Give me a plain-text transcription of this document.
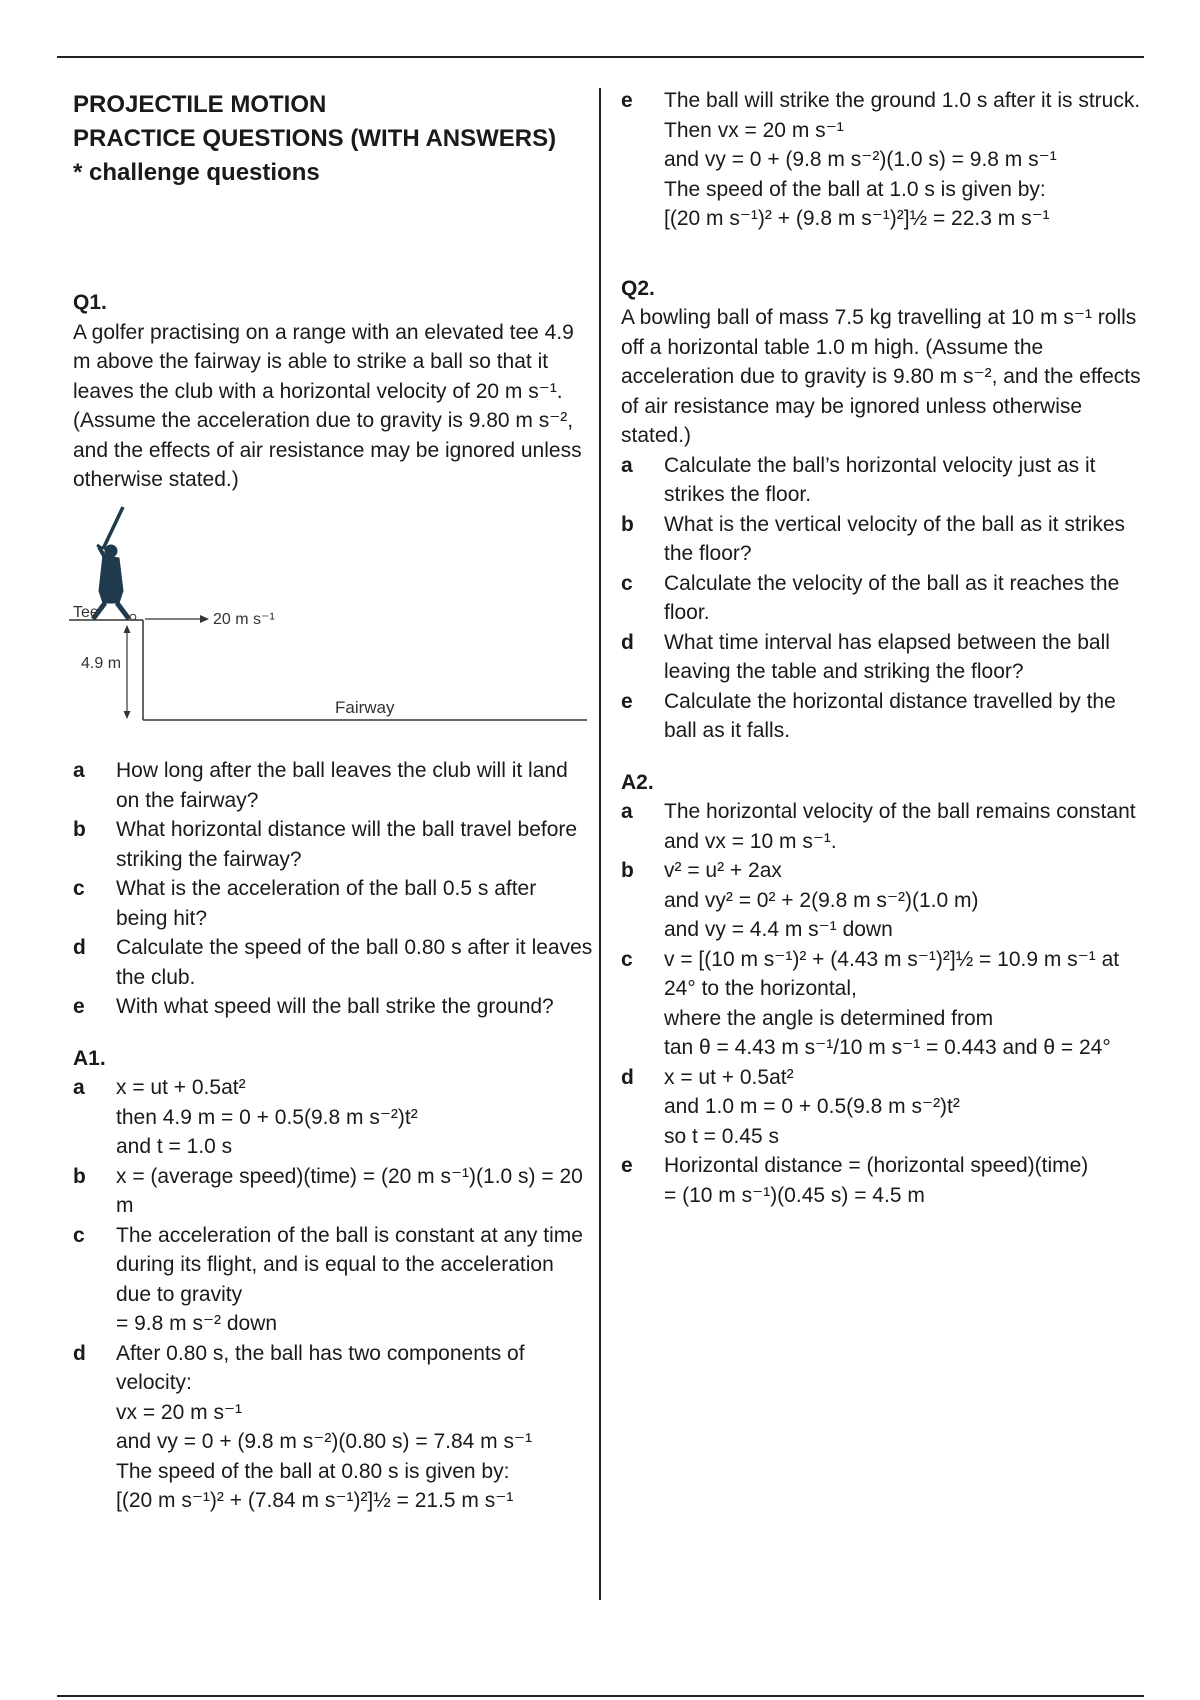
PROJECTILE MOTION
PRACTICE QUESTIONS (WITH ANSWERS)
* challenge questions

Q1.

A golfer practising on a range with an elevated tee 4.9 m above the fairway is able to strike a ball so that it leaves the club with a horizontal velocity of 20 m s⁻¹. (Assume the acceleration due to gravity is 9.80 m s⁻², and the effects of air resistance may be ignored unless otherwise stated.)

Tee	20 m s⁻¹
4.9 m
Fairway
a How long after the ball leaves the club will it land on the fairway?
b What horizontal distance will the ball travel before striking the fairway?
c What is the acceleration of the ball 0.5 s after being hit?
d Calculate the speed of the ball 0.80 s after it leaves the club.
e With what speed will the ball strike the ground?

A1.

a x = ut + 0.5at²

then 4.9 m = 0 + 0.5(9.8 m s⁻²)t²

and t = 1.0 s

b x = (average speed)(time) = (20 m s⁻¹)(1.0 s) = 20 m

c The acceleration of the ball is constant at any time during its flight, and is equal to the acceleration due to gravity

= 9.8 m s⁻² down

d After 0.80 s, the ball has two components of velocity:

vx = 20 m s⁻¹

and vy = 0 + (9.8 m s⁻²)(0.80 s) = 7.84 m s⁻¹

The speed of the ball at 0.80 s is given by:

[(20 m s⁻¹)² + (7.84 m s⁻¹)²]½ = 21.5 m s⁻¹

e The ball will strike the ground 1.0 s after it is struck.

Then vx = 20 m s⁻¹

and vy = 0 + (9.8 m s⁻²)(1.0 s) = 9.8 m s⁻¹

The speed of the ball at 1.0 s is given by:

[(20 m s⁻¹)² + (9.8 m s⁻¹)²]½ = 22.3 m s⁻¹

Q2.

A bowling ball of mass 7.5 kg travelling at 10 m s⁻¹ rolls off a horizontal table 1.0 m high. (Assume the acceleration due to gravity is 9.80 m s⁻², and the effects of air resistance may be ignored unless otherwise stated.)

a Calculate the ball’s horizontal velocity just as it strikes the floor.
b What is the vertical velocity of the ball as it strikes the floor?
c Calculate the velocity of the ball as it reaches the floor.
d What time interval has elapsed between the ball leaving the table and striking the floor?
e Calculate the horizontal distance travelled by the ball as it falls.

A2.

a The horizontal velocity of the ball remains constant and vx = 10 m s⁻¹.

b v² = u² + 2ax

and vy² = 0² + 2(9.8 m s⁻²)(1.0 m)

and vy = 4.4 m s⁻¹ down

c v = [(10 m s⁻¹)² + (4.43 m s⁻¹)²]½ = 10.9 m s⁻¹ at 24° to the horizontal,

where the angle is determined from

tan θ = 4.43 m s⁻¹/10 m s⁻¹ = 0.443 and θ = 24°

d x = ut + 0.5at²

and 1.0 m = 0 + 0.5(9.8 m s⁻²)t²

so t = 0.45 s

e Horizontal distance = (horizontal speed)(time)

= (10 m s⁻¹)(0.45 s) = 4.5 m
